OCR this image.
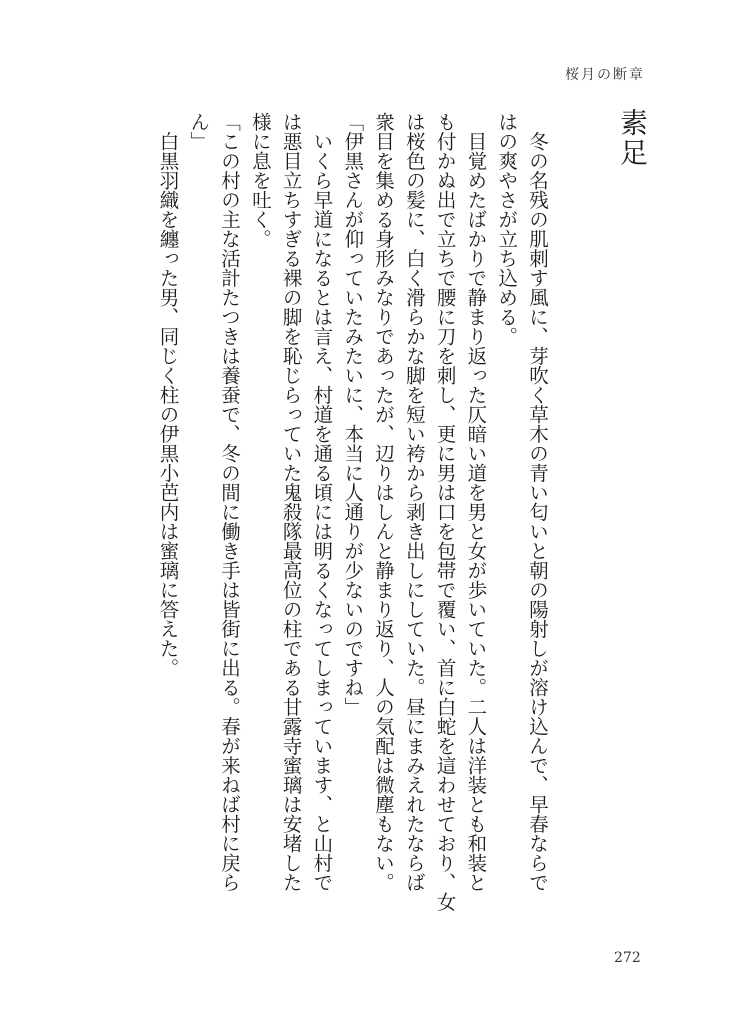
桜月の断章
素足
　冬の名残の肌刺す風に、芽吹く草木の青い匂いと朝の陽射しが溶け込んで、早春ならで
はの爽やさが立ち込める。
　目覚めたばかりで静まり返った仄暗い道を男と女が歩いていた。二人は洋装とも和装と
も付かぬ出で立ちで腰に刀を刺し、更に男は口を包帯で覆い、首に白蛇を這わせており、女
は桜色の髪に、白く滑らかな脚を短い袴から剥き出しにしていた。昼にまみえれたならば
衆目を集める身形みなりであったが、辺りはしんと静まり返り、人の気配は微塵もない。
「伊黒さんが仰っていたみたいに、本当に人通りが少ないのですね」
　いくら早道になるとは言え、村道を通る頃には明るくなってしまっています、と山村で
は悪目立ちすぎる裸の脚を恥じらっていた鬼殺隊最高位の柱である甘露寺蜜璃は安堵した
様に息を吐く。
「この村の主な活計たつきは養蚕で、冬の間に働き手は皆街に出る。春が来ねば村に戻ら
ん」
　白黒羽織を纏った男、同じく柱の伊黒小芭内は蜜璃に答えた。
272
